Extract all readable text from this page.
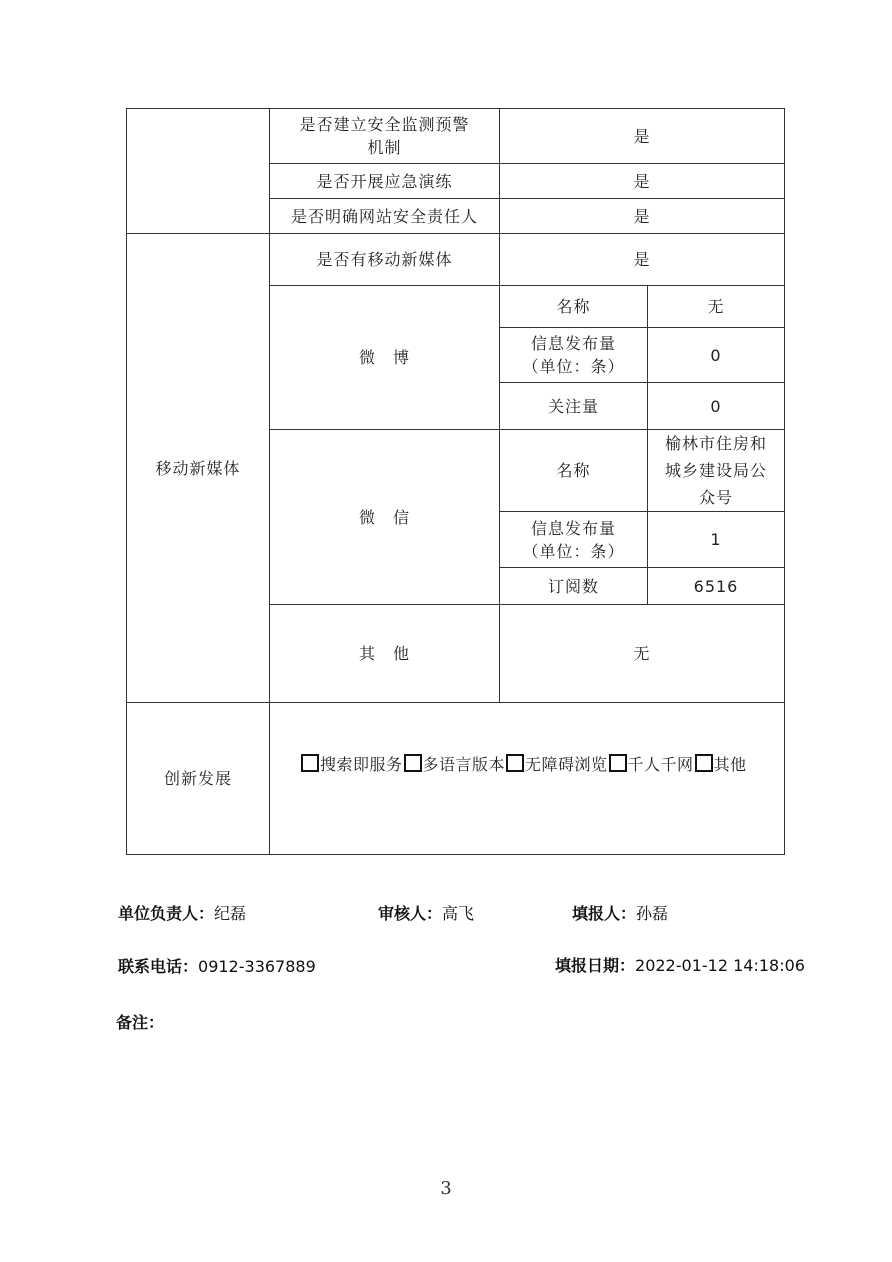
	是否建立安全监测预警机制	是	
	是否开展应急演练	是	
	是否明确网站安全责任人	是	
移动新媒体	是否有移动新媒体	是	
	微　博	名称	无
		信息发布量（单位：条）	0
		关注量	0
	微　信	名称	榆林市住房和城乡建设局公众号
		信息发布量（单位：条）	1
		订阅数	6516
	其　他	无	
创新发展	搜索即服务 多语言版本 无障碍浏览 千人千网 其他		
单位负责人：纪磊	审核人：高飞	填报人：孙磊
联系电话：0912-3367889	填报日期：2022-01-12 14:18:06
备注：
3
